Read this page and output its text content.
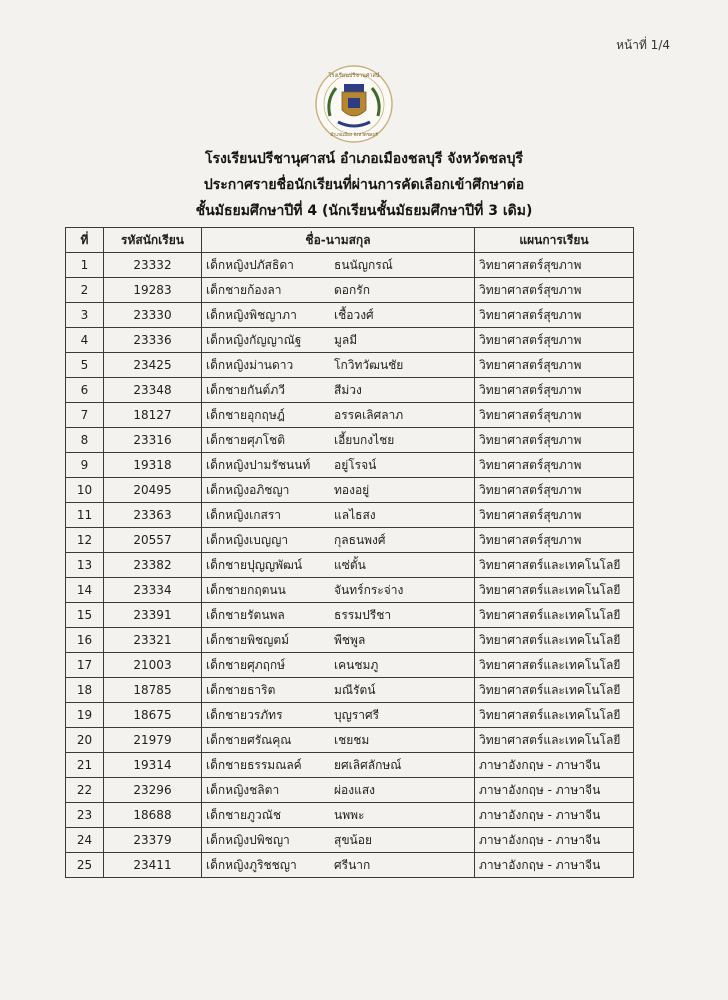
หน้าที่ 1/4
โรงเรียนปรีชานุศาสน์
อำเภอเมือง จังหวัดชลบุรี
โรงเรียนปรีชานุศาสน์ อำเภอเมืองชลบุรี จังหวัดชลบุรี
ประกาศรายชื่อนักเรียนที่ผ่านการคัดเลือกเข้าศึกษาต่อ
ชั้นมัธยมศึกษาปีที่ 4 (นักเรียนชั้นมัธยมศึกษาปีที่ 3 เดิม)
ที่	รหัสนักเรียน	ชื่อ-นามสกุล	แผนการเรียน
1	23332	เด็กหญิงปภัสธิดา ธนนัญกรณ์	วิทยาศาสตร์สุขภาพ
2	19283	เด็กชายก้องลา ดอกรัก	วิทยาศาสตร์สุขภาพ
3	23330	เด็กหญิงพิชญาภา เชื้อวงศ์	วิทยาศาสตร์สุขภาพ
4	23336	เด็กหญิงกัญญาณัฐ มูลมี	วิทยาศาสตร์สุขภาพ
5	23425	เด็กหญิงม่านดาว โกวิทวัฒนชัย	วิทยาศาสตร์สุขภาพ
6	23348	เด็กชายกันต์ภวี สีม่วง	วิทยาศาสตร์สุขภาพ
7	18127	เด็กชายอุกฤษฎ์ อรรคเลิศลาภ	วิทยาศาสตร์สุขภาพ
8	23316	เด็กชายศุภโชติ เอี้ยบกงไชย	วิทยาศาสตร์สุขภาพ
9	19318	เด็กหญิงปามรัชนนท์ อยู่โรจน์	วิทยาศาสตร์สุขภาพ
10	20495	เด็กหญิงอภิชญา ทองอยู่	วิทยาศาสตร์สุขภาพ
11	23363	เด็กหญิงเกสรา แลไธสง	วิทยาศาสตร์สุขภาพ
12	20557	เด็กหญิงเบญญา กุลธนพงศ์	วิทยาศาสตร์สุขภาพ
13	23382	เด็กชายปุญญพัฒน์ แซ่ตั้น	วิทยาศาสตร์และเทคโนโลยี
14	23334	เด็กชายกฤตนน จันทร์กระจ่าง	วิทยาศาสตร์และเทคโนโลยี
15	23391	เด็กชายรัตนพล ธรรมปรีชา	วิทยาศาสตร์และเทคโนโลยี
16	23321	เด็กชายพิชญตม์ พืชพูล	วิทยาศาสตร์และเทคโนโลยี
17	21003	เด็กชายศุภฤกษ์ เคนชมภู	วิทยาศาสตร์และเทคโนโลยี
18	18785	เด็กชายธาริต มณีรัตน์	วิทยาศาสตร์และเทคโนโลยี
19	18675	เด็กชายวรภัทร บุญราศรี	วิทยาศาสตร์และเทคโนโลยี
20	21979	เด็กชายศรัณคุณ เชยชม	วิทยาศาสตร์และเทคโนโลยี
21	19314	เด็กชายธรรมณลค์ ยศเลิศลักษณ์	ภาษาอังกฤษ - ภาษาจีน
22	23296	เด็กหญิงชลิตา ผ่องแสง	ภาษาอังกฤษ - ภาษาจีน
23	18688	เด็กชายภูวณัช นพพะ	ภาษาอังกฤษ - ภาษาจีน
24	23379	เด็กหญิงปพิชญา สุขน้อย	ภาษาอังกฤษ - ภาษาจีน
25	23411	เด็กหญิงภูริชชญา ศรีนาก	ภาษาอังกฤษ - ภาษาจีน
